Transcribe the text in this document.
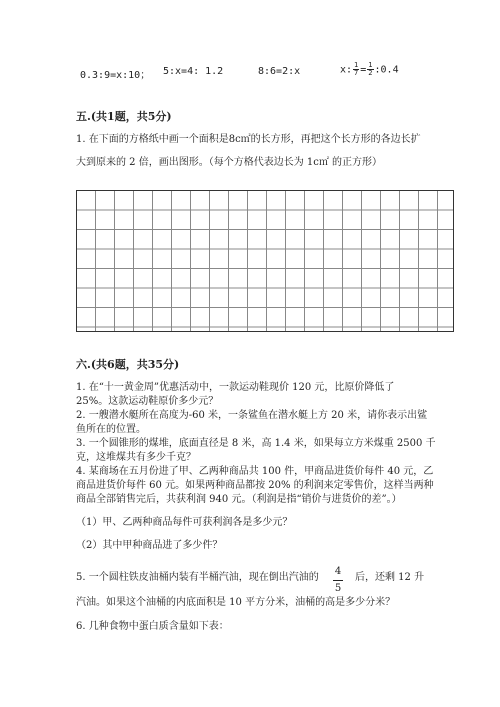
0.3:9=x:10； 5:x=4: 1.2	8:6=2:x	x: $\frac{1}{7} = \frac{1}{2}$ :0.4
五.(共1题，共5分)
1. 在下面的方格纸中画一个面积是8c㎡的长方形，再把这个长方形的各边长扩
大到原来的 2 倍，画出图形。（每个方格代表边长为 1c㎡ 的正方形）
六.(共6题，共35分)
1. 在“十一黄金周”优惠活动中，一款运动鞋现价 120 元，比原价降低了
25%。这款运动鞋原价多少元？
2. 一艘潜水艇所在高度为-60 米，一条鲨鱼在潜水艇上方 20 米，请你表示出鲨
鱼所在的位置。
3. 一个圆锥形的煤堆，底面直径是 8 米，高 1.4 米，如果每立方米煤重 2500 千
克，这堆煤共有多少千克？
4. 某商场在五月份进了甲、乙两种商品共 100 件，甲商品进货价每件 40 元，乙
商品进货价每件 60 元。如果两种商品都按 20% 的利润来定零售价，这样当两种
商品全部销售完后，共获利润 940 元。（利润是指“销价与进货价的差”。）
（1）甲、乙两种商品每件可获利润各是多少元？
（2）其中甲种商品进了多少件？
5. 一个圆柱铁皮油桶内装有半桶汽油，现在倒出汽油的
4
5
后，还剩 12 升
汽油。如果这个油桶的内底面积是 10 平方分米，油桶的高是多少分米？
6. 几种食物中蛋白质含量如下表：
